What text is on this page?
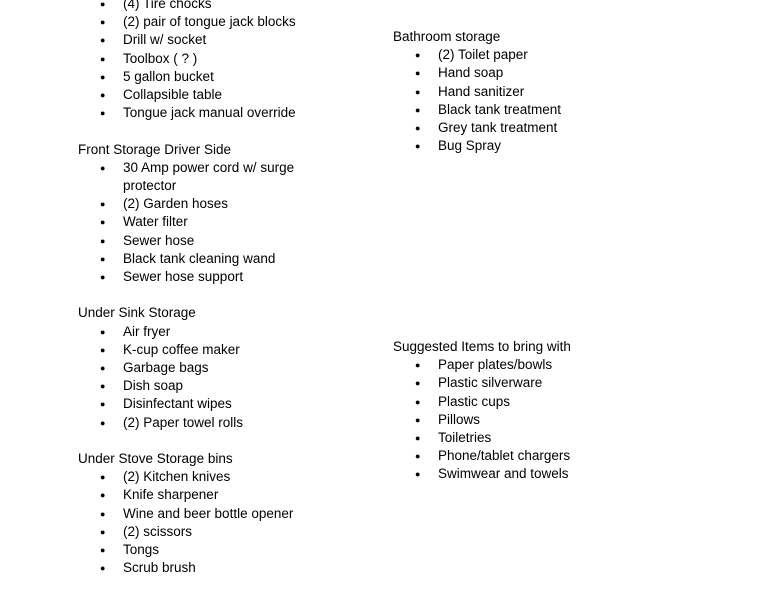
● (4) Tire chocks
● (2) pair of tongue jack blocks
● Drill w/ socket
● Toolbox ( ? )
● 5 gallon bucket
● Collapsible table
● Tongue jack manual override
Front Storage Driver Side
● 30 Amp power cord w/ surge protector
● (2) Garden hoses
● Water filter
● Sewer hose
● Black tank cleaning wand
● Sewer hose support
Under Sink Storage
● Air fryer
● K-cup coffee maker
● Garbage bags
● Dish soap
● Disinfectant wipes
● (2) Paper towel rolls
Under Stove Storage bins
● (2) Kitchen knives
● Knife sharpener
● Wine and beer bottle opener
● (2) scissors
● Tongs
● Scrub brush
Bathroom storage
● (2) Toilet paper
● Hand soap
● Hand sanitizer
● Black tank treatment
● Grey tank treatment
● Bug Spray
Suggested Items to bring with
● Paper plates/bowls
● Plastic silverware
● Plastic cups
● Pillows
● Toiletries
● Phone/tablet chargers
● Swimwear and towels
